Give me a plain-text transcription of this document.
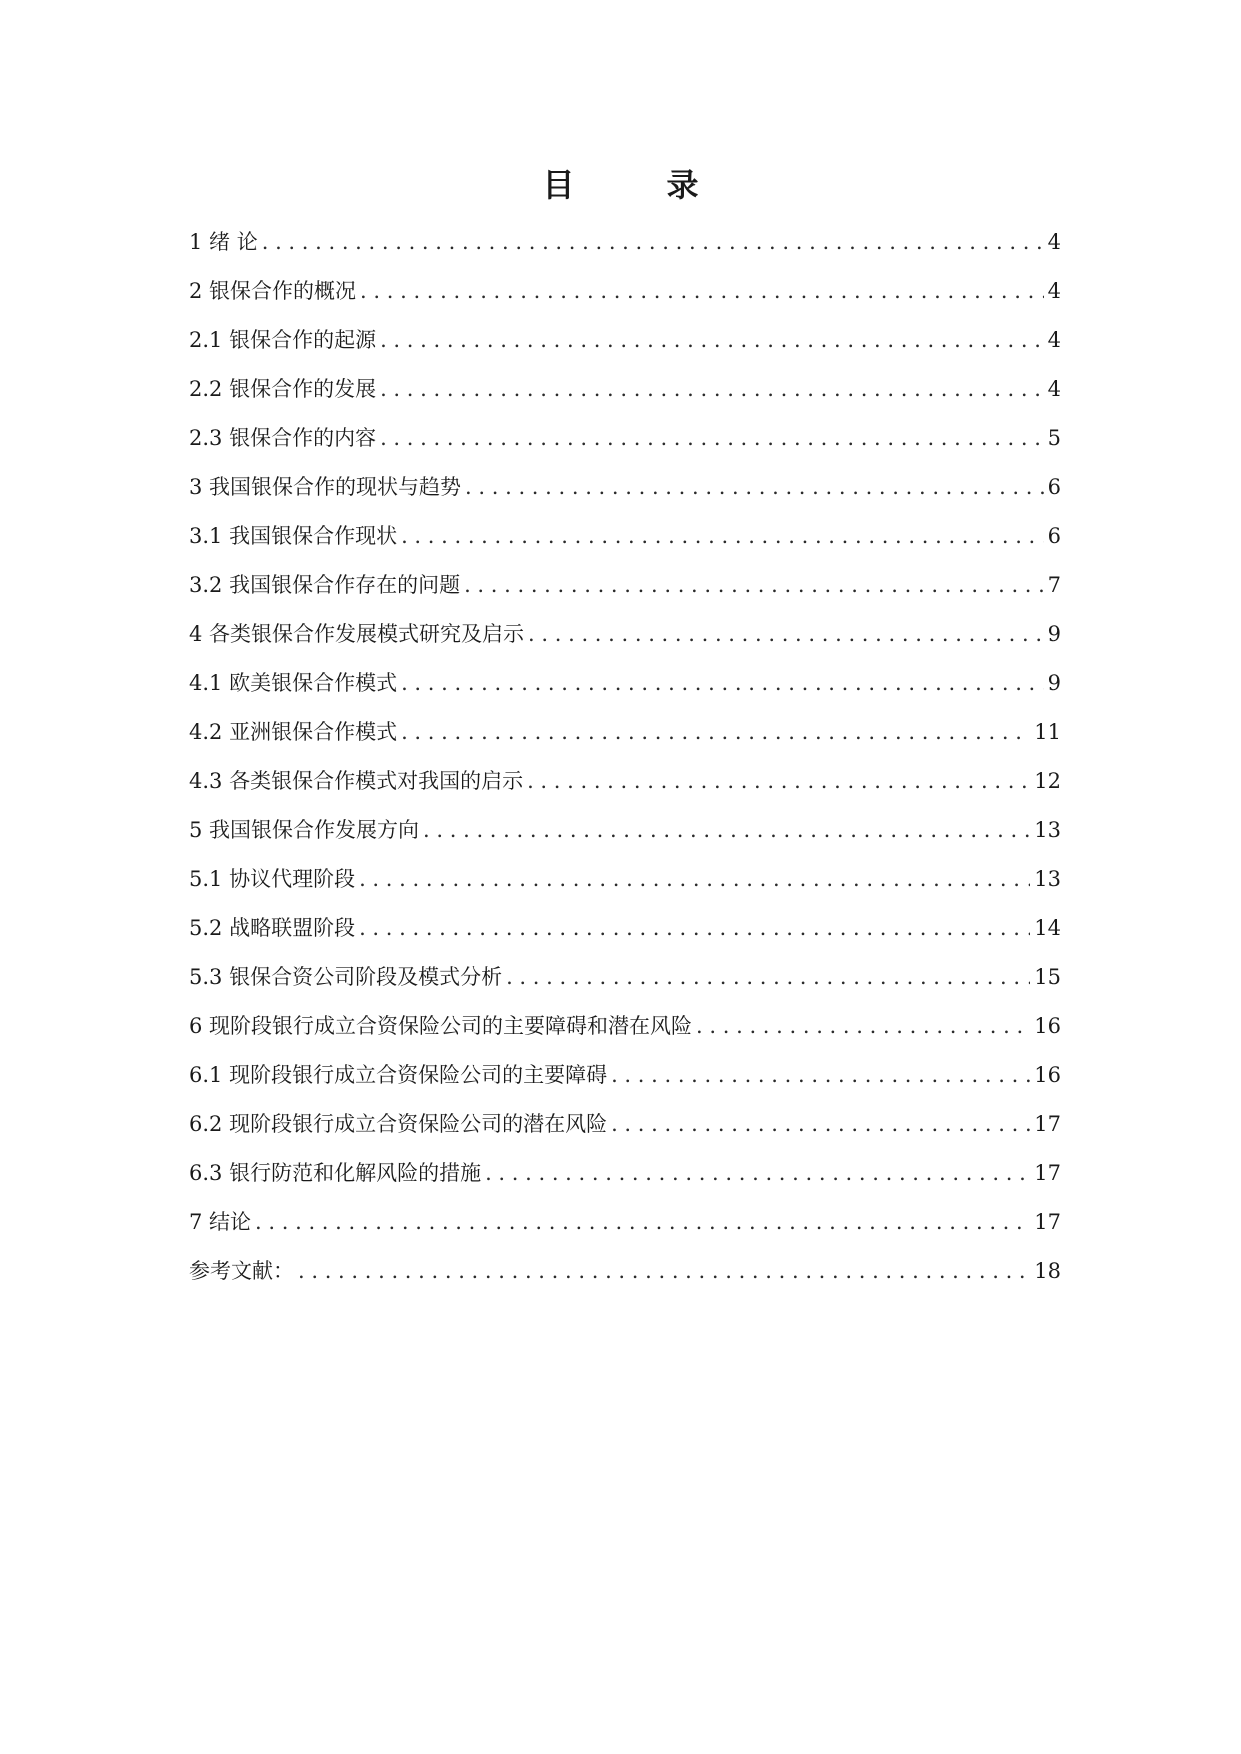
目　录
1 绪 论 . . .	4
2 银保合作的概况 . . .	4
2.1 银保合作的起源 . . .	4
2.2 银保合作的发展 . . .	4
2.3 银保合作的内容 . . .	5
3 我国银保合作的现状与趋势 . . .	6
3.1 我国银保合作现状 . . .	6
3.2 我国银保合作存在的问题 . . .	7
4 各类银保合作发展模式研究及启示 . . .	9
4.1 欧美银保合作模式 . . .	9
4.2 亚洲银保合作模式 . . .	11
4.3 各类银保合作模式对我国的启示 . . .	12
5 我国银保合作发展方向 . . .	13
5.1 协议代理阶段 . . .	13
5.2 战略联盟阶段 . . .	14
5.3 银保合资公司阶段及模式分析 . . .	15
6 现阶段银行成立合资保险公司的主要障碍和潜在风险 . . .	16
6.1 现阶段银行成立合资保险公司的主要障碍 . . .	16
6.2 现阶段银行成立合资保险公司的潜在风险 . . .	17
6.3 银行防范和化解风险的措施 . . .	17
7 结论 . . .	17
参考文献： . . .	18
